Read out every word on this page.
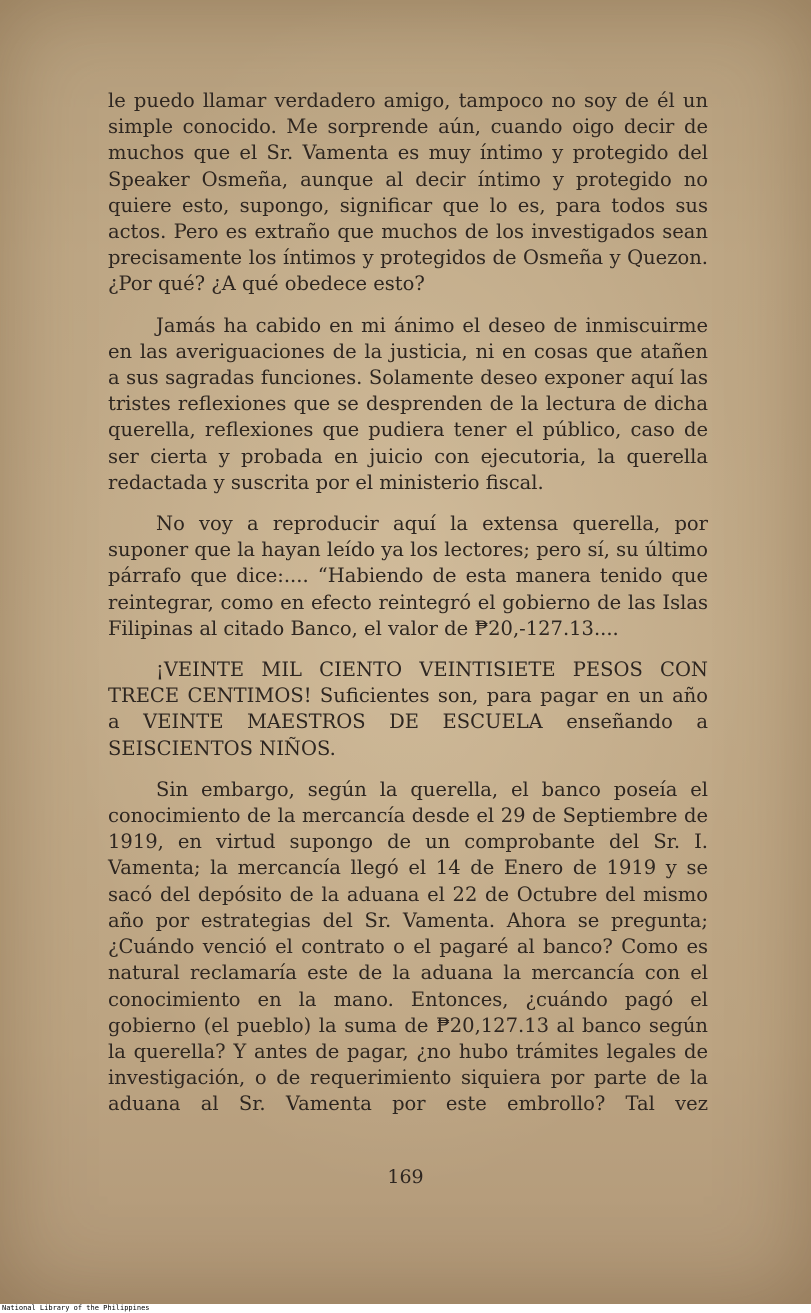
le puedo llamar verdadero amigo, tampoco no soy de él un simple conocido. Me sorprende aún, cuando oigo decir de muchos que el Sr. Vamenta es muy íntimo y protegido del Speaker Osmeña, aunque al decir íntimo y protegido no quiere esto, supongo, significar que lo es, para todos sus actos. Pero es extraño que muchos de los investigados sean precisamente los íntimos y protegidos de Osmeña y Quezon. ¿Por qué? ¿A qué obedece esto?

Jamás ha cabido en mi ánimo el deseo de inmiscuirme en las averiguaciones de la justicia, ni en cosas que atañen a sus sagradas funciones. Solamente deseo exponer aquí las tristes reflexiones que se desprenden de la lectura de dicha querella, reflexiones que pudiera tener el público, caso de ser cierta y probada en juicio con ejecutoria, la querella redactada y suscrita por el ministerio fiscal.

No voy a reproducir aquí la extensa querella, por suponer que la hayan leído ya los lectores; pero sí, su último párrafo que dice:.... “Habiendo de esta manera tenido que reintegrar, como en efecto reintegró el gobierno de las Islas Filipinas al citado Banco, el valor de ₱20,-127.13....

¡VEINTE MIL CIENTO VEINTISIETE PESOS CON TRECE CENTIMOS! Suficientes son, para pagar en un año a VEINTE MAESTROS DE ESCUELA enseñando a SEISCIENTOS NIÑOS.

Sin embargo, según la querella, el banco poseía el conocimiento de la mercancía desde el 29 de Septiembre de 1919, en virtud supongo de un comprobante del Sr. I. Vamenta; la mercancía llegó el 14 de Enero de 1919 y se sacó del depósito de la aduana el 22 de Octubre del mismo año por estrategias del Sr. Vamenta. Ahora se pregunta; ¿Cuándo venció el contrato o el pagaré al banco? Como es natural reclamaría este de la aduana la mercancía con el conocimiento en la mano. Entonces, ¿cuándo pagó el gobierno (el pueblo) la suma de ₱20,127.13 al banco según la querella? Y antes de pagar, ¿no hubo trámites legales de investigación, o de requerimiento siquiera por parte de la aduana al Sr. Vamenta por este embrollo? Tal vez

169
National Library of the Philippines
